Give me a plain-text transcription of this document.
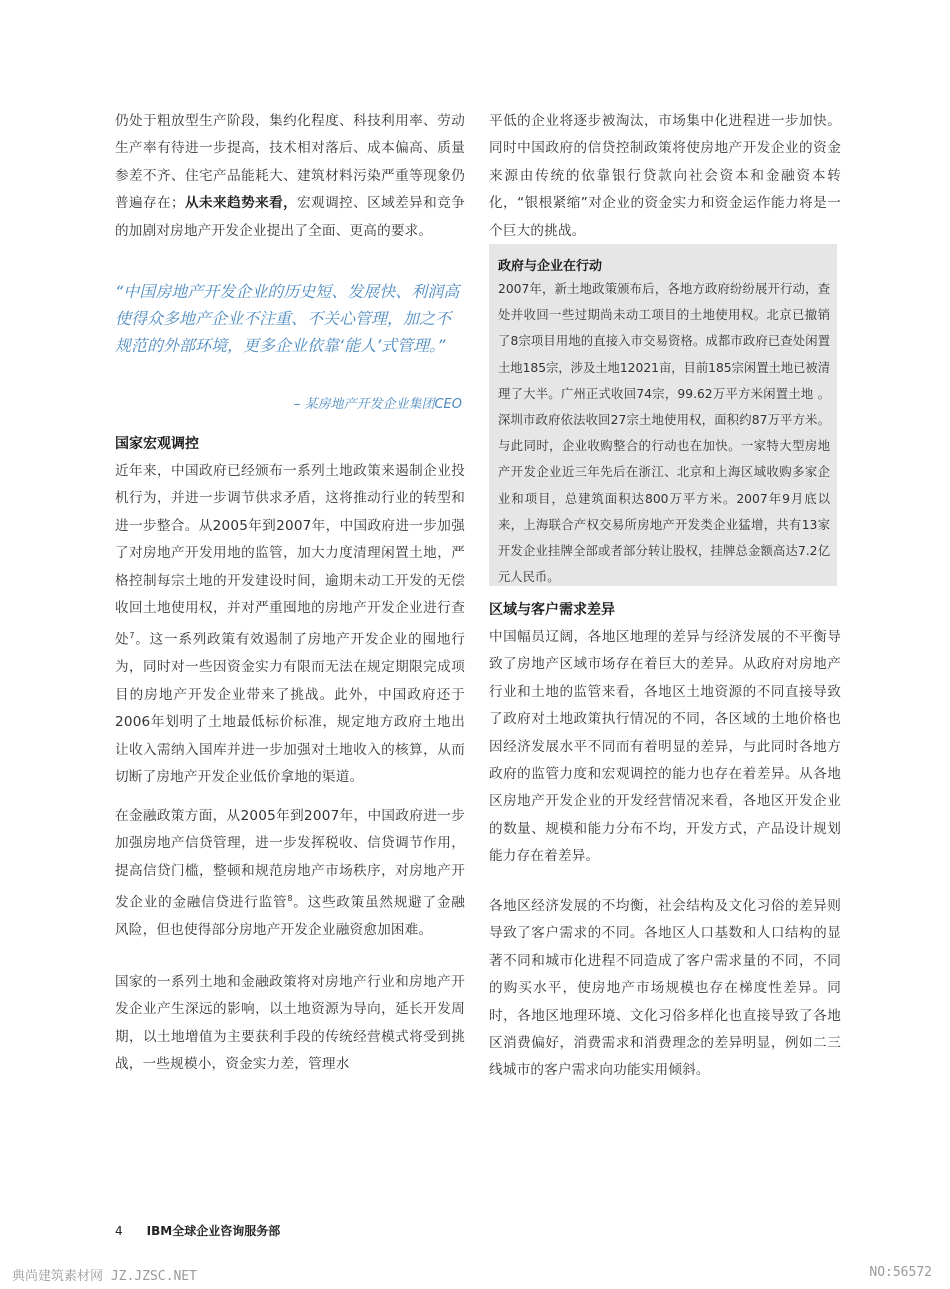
仍处于粗放型生产阶段，集约化程度、科技利用率、劳动生产率有待进一步提高，技术相对落后、成本偏高、质量参差不齐、住宅产品能耗大、建筑材料污染严重等现象仍普遍存在；从未来趋势来看，宏观调控、区域差异和竞争的加剧对房地产开发企业提出了全面、更高的要求。

“中国房地产开发企业的历史短、发展快、利润高使得众多地产企业不注重、不关心管理，加之不规范的外部环境，更多企业依靠‘能人’式管理。”

– 某房地产开发企业集团CEO
国家宏观调控

近年来，中国政府已经颁布一系列土地政策来遏制企业投机行为，并进一步调节供求矛盾，这将推动行业的转型和进一步整合。从2005年到2007年，中国政府进一步加强了对房地产开发用地的监管，加大力度清理闲置土地，严格控制每宗土地的开发建设时间，逾期未动工开发的无偿收回土地使用权，并对严重囤地的房地产开发企业进行查处$^7$。这一系列政策有效遏制了房地产开发企业的囤地行为，同时对一些因资金实力有限而无法在规定期限完成项目的房地产开发企业带来了挑战。此外，中国政府还于2006年划明了土地最低标价标准，规定地方政府土地出让收入需纳入国库并进一步加强对土地收入的核算，从而切断了房地产开发企业低价拿地的渠道。

在金融政策方面，从2005年到2007年，中国政府进一步加强房地产信贷管理，进一步发挥税收、信贷调节作用，提高信贷门槛，整顿和规范房地产市场秩序，对房地产开发企业的金融信贷进行监管$^8$。这些政策虽然规避了金融风险，但也使得部分房地产开发企业融资愈加困难。

国家的一系列土地和金融政策将对房地产行业和房地产开发企业产生深远的影响，以土地资源为导向，延长开发周期，以土地增值为主要获利手段的传统经营模式将受到挑战，一些规模小，资金实力差，管理水

平低的企业将逐步被淘汰，市场集中化进程进一步加快。同时中国政府的信贷控制政策将使房地产开发企业的资金来源由传统的依靠银行贷款向社会资本和金融资本转化，“银根紧缩”对企业的资金实力和资金运作能力将是一个巨大的挑战。

政府与企业在行动

2007年，新土地政策颁布后，各地方政府纷纷展开行动，查处并收回一些过期尚未动工项目的土地使用权。北京已撤销了8宗项目用地的直接入市交易资格。成都市政府已查处闲置土地185宗，涉及土地12021亩，目前185宗闲置土地已被清理了大半。广州正式收回74宗，99.62万平方米闲置土地 。深圳市政府依法收回27宗土地使用权，面积约87万平方米。与此同时，企业收购整合的行动也在加快。一家特大型房地产开发企业近三年先后在浙江、北京和上海区域收购多家企业和项目，总建筑面积达800万平方米。2007年9月底以来，上海联合产权交易所房地产开发类企业猛增，共有13家开发企业挂牌全部或者部分转让股权，挂牌总金额高达7.2亿元人民币。

区域与客户需求差异

中国幅员辽阔，各地区地理的差异与经济发展的不平衡导致了房地产区域市场存在着巨大的差异。从政府对房地产行业和土地的监管来看，各地区土地资源的不同直接导致了政府对土地政策执行情况的不同，各区域的土地价格也因经济发展水平不同而有着明显的差异，与此同时各地方政府的监管力度和宏观调控的能力也存在着差异。从各地区房地产开发企业的开发经营情况来看，各地区开发企业的数量、规模和能力分布不均，开发方式，产品设计规划能力存在着差异。

各地区经济发展的不均衡，社会结构及文化习俗的差异则导致了客户需求的不同。各地区人口基数和人口结构的显著不同和城市化进程不同造成了客户需求量的不同，不同的购买水平，使房地产市场规模也存在梯度性差异。同时，各地区地理环境、文化习俗多样化也直接导致了各地区消费偏好，消费需求和消费理念的差异明显，例如二三线城市的客户需求向功能实用倾斜。

4 IBM全球企业咨询服务部
典尚建筑素材网 JZ.JZSC.NET	NO:56572
